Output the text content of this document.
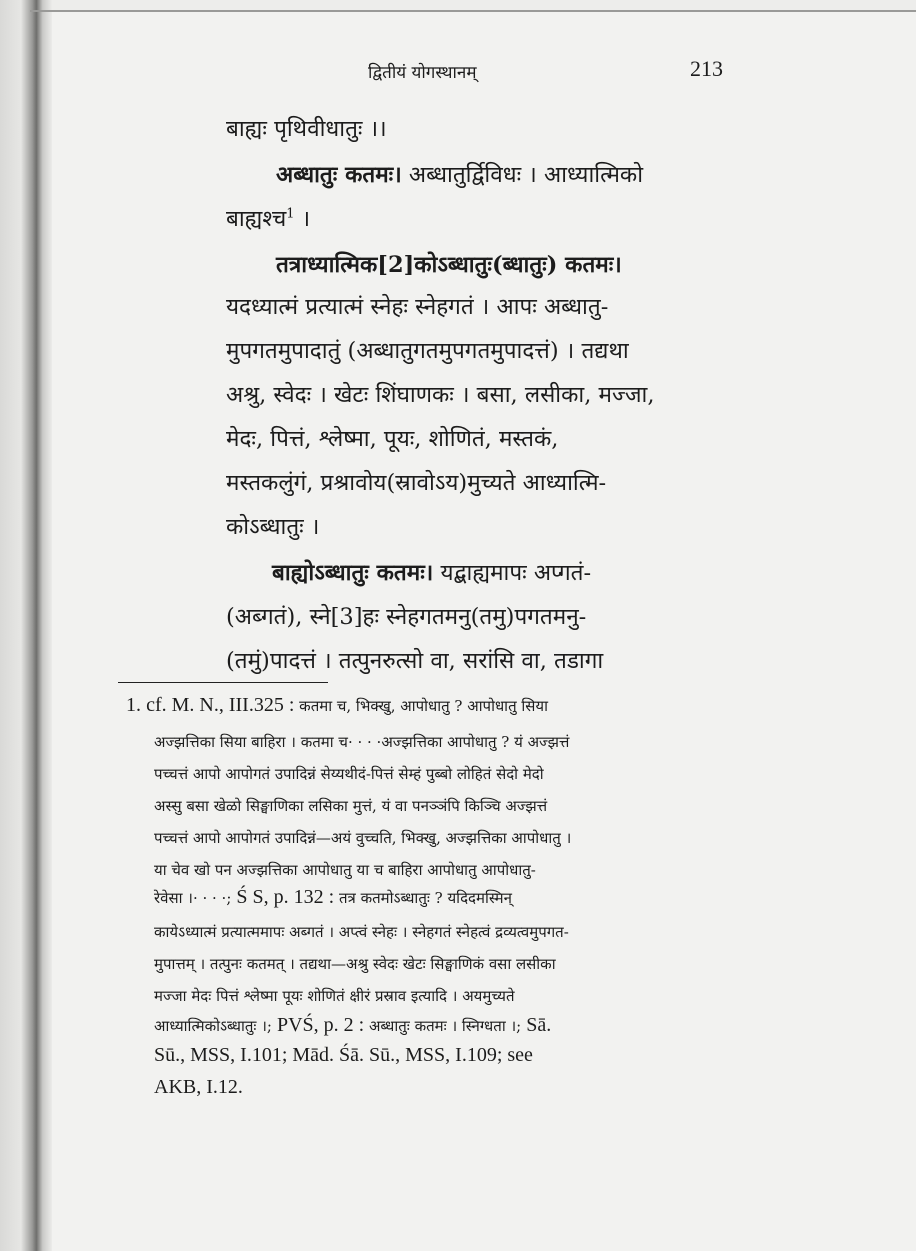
द्वितीयं योगस्थानम्	213
बाह्यः पृथिवीधातुः ।।
अब्धातुः कतमः। अब्धातुर्द्विविधः । आध्यात्मिको
बाह्यश्च$^1$ ।
तत्राध्यात्मिक[2]कोऽब्धातुः(ब्धातुः) कतमः।
यदध्यात्मं प्रत्यात्मं स्नेहः स्नेहगतं । आपः अब्धातु-
मुपगतमुपादातुं (अब्धातुगतमुपगतमुपादत्तं) । तद्यथा
अश्रु, स्वेदः । खेटः शिंघाणकः । बसा, लसीका, मज्जा,
मेदः, पित्तं, श्लेष्मा, पूयः, शोणितं, मस्तकं,
मस्तकलुंगं, प्रश्रावोय(स्रावोऽय)मुच्यते आध्यात्मि-
कोऽब्धातुः ।
बाह्योऽब्धातुः कतमः। यद्बाह्यमापः अप्गतं-
(अब्गतं), स्ने[3]हः स्नेहगतमनु(तमु)पगतमनु-
(तमुं)पादत्तं । तत्पुनरुत्सो वा, सरांसि वा, तडागा
1. cf. M. N., III.325 : कतमा च, भिक्खु, आपोधातु ? आपोधातु सिया
अज्झत्तिका सिया बाहिरा । कतमा च· · · ·अज्झत्तिका आपोधातु ? यं अज्झत्तं
पच्चत्तं आपो आपोगतं उपादिन्नं सेय्यथीदं-पित्तं सेम्हं पुब्बो लोहितं सेदो मेदो
अस्सु बसा खेळो सिङ्घाणिका लसिका मुत्तं, यं वा पनञ्ञंपि किञ्चि अज्झत्तं
पच्चत्तं आपो आपोगतं उपादिन्नं—अयं वुच्चति, भिक्खु, अज्झत्तिका आपोधातु ।
या चेव खो पन अज्झत्तिका आपोधातु या च बाहिरा आपोधातु आपोधातु-
रेवेसा ।· · · ·; Ś S, p. 132 : तत्र कतमोऽब्धातुः ? यदिदमस्मिन्
कायेऽध्यात्मं प्रत्यात्ममापः अब्गतं । अप्त्वं स्नेहः । स्नेहगतं स्नेहत्वं द्रव्यत्वमुपगत-
मुपात्तम् । तत्पुनः कतमत् । तद्यथा—अश्रु स्वेदः खेटः सिङ्घाणिकं वसा लसीका
मज्जा मेदः पित्तं श्लेष्मा पूयः शोणितं क्षीरं प्रस्राव इत्यादि । अयमुच्यते
आध्यात्मिकोऽब्धातुः ।; PVŚ, p. 2 : अब्धातुः कतमः । स्निग्धता ।; Sā.
Sū., MSS, I.101; Mād. Śā. Sū., MSS, I.109; see
AKB, I.12.
